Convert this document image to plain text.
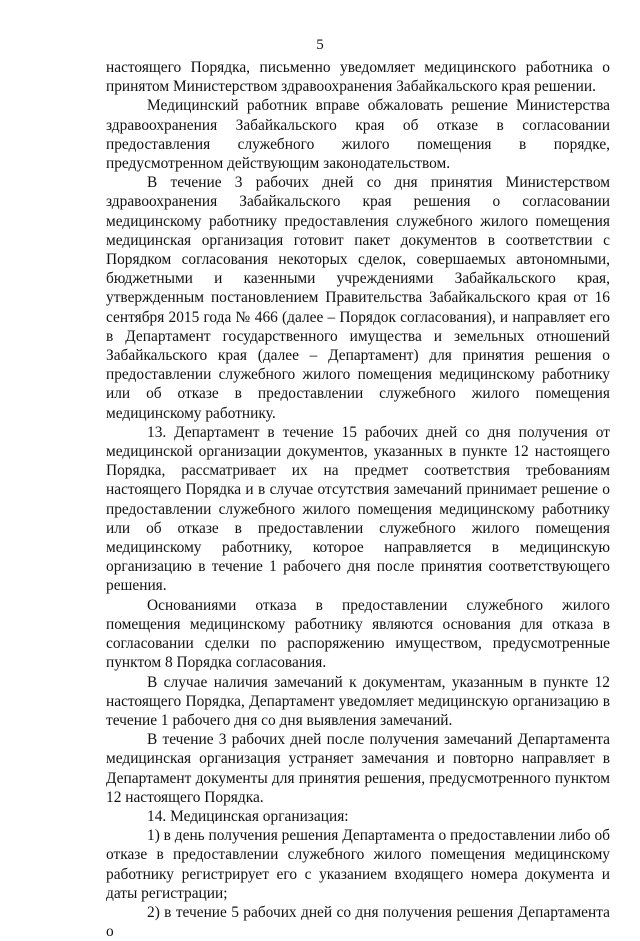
5

настоящего Порядка, письменно уведомляет медицинского работника о принятом Министерством здравоохранения Забайкальского края решении.

Медицинский работник вправе обжаловать решение Министерства здравоохранения Забайкальского края об отказе в согласовании предоставления служебного жилого помещения в порядке, предусмотренном действующим законодательством.

В течение 3 рабочих дней со дня принятия Министерством здравоохранения Забайкальского края решения о согласовании медицинскому работнику предоставления служебного жилого помещения медицинская организация готовит пакет документов в соответствии с Порядком согласования некоторых сделок, совершаемых автономными, бюджетными и казенными учреждениями Забайкальского края, утвержденным постановлением Правительства Забайкальского края от 16 сентября 2015 года № 466 (далее – Порядок согласования), и направляет его в Департамент государственного имущества и земельных отношений Забайкальского края (далее – Департамент) для принятия решения о предоставлении служебного жилого помещения медицинскому работнику или об отказе в предоставлении служебного жилого помещения медицинскому работнику.

13. Департамент в течение 15 рабочих дней со дня получения от медицинской организации документов, указанных в пункте 12 настоящего Порядка, рассматривает их на предмет соответствия требованиям настоящего Порядка и в случае отсутствия замечаний принимает решение о предоставлении служебного жилого помещения медицинскому работнику или об отказе в предоставлении служебного жилого помещения медицинскому работнику, которое направляется в медицинскую организацию в течение 1 рабочего дня после принятия соответствующего решения.

Основаниями отказа в предоставлении служебного жилого помещения медицинскому работнику являются основания для отказа в согласовании сделки по распоряжению имуществом, предусмотренные пунктом 8 Порядка согласования.

В случае наличия замечаний к документам, указанным в пункте 12 настоящего Порядка, Департамент уведомляет медицинскую организацию в течение 1 рабочего дня со дня выявления замечаний.

В течение 3 рабочих дней после получения замечаний Департамента медицинская организация устраняет замечания и повторно направляет в Департамент документы для принятия решения, предусмотренного пунктом 12 настоящего Порядка.

14. Медицинская организация:

1) в день получения решения Департамента о предоставлении либо об отказе в предоставлении служебного жилого помещения медицинскому работнику регистрирует его с указанием входящего номера документа и даты регистрации;

2) в течение 5 рабочих дней со дня получения решения Департамента о
